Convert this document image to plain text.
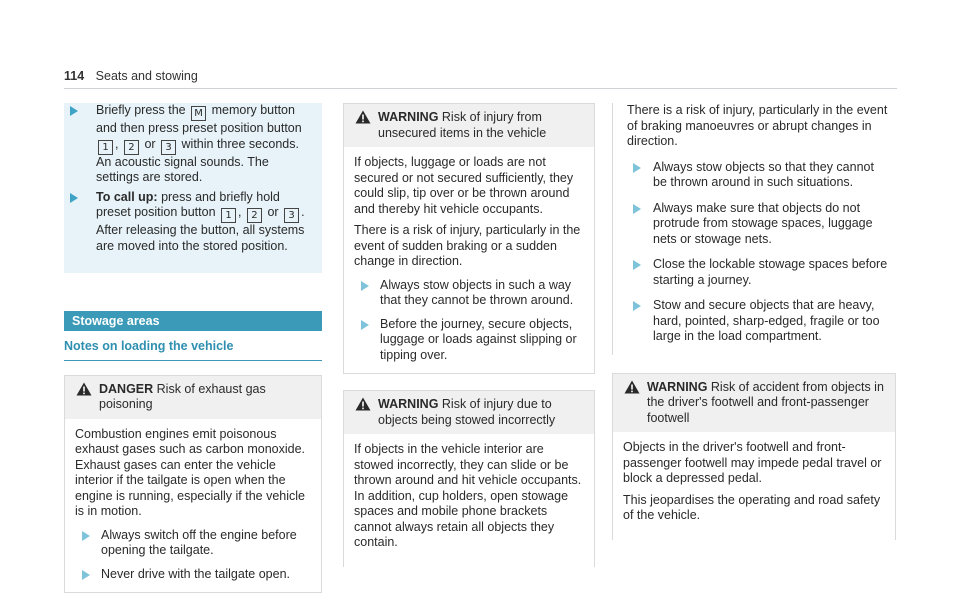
114 Seats and stowing
Briefly press the M memory button and then press preset position button 1 , 2 or 3 within three seconds.
An acoustic signal sounds. The settings are stored.
To call up: press and briefly hold preset position button 1 , 2 or 3 .
After releasing the button, all systems are moved into the stored position.
Stowage areas
Notes on loading the vehicle
DANGER Risk of exhaust gas poisoning

Combustion engines emit poisonous exhaust gases such as carbon monoxide. Exhaust gases can enter the vehicle interior if the tailgate is open when the engine is running, especially if the vehicle is in motion.

Always switch off the engine before opening the tailgate.
Never drive with the tailgate open.
WARNING Risk of injury from unsecured items in the vehicle

If objects, luggage or loads are not secured or not secured sufficiently, they could slip, tip over or be thrown around and thereby hit vehicle occupants.

There is a risk of injury, particularly in the event of sudden braking or a sudden change in direction.

Always stow objects in such a way that they cannot be thrown around.
Before the journey, secure objects, luggage or loads against slipping or tipping over.
WARNING Risk of injury due to objects being stowed incorrectly

If objects in the vehicle interior are stowed incorrectly, they can slide or be thrown around and hit vehicle occupants. In addition, cup holders, open stowage spaces and mobile phone brackets cannot always retain all objects they contain.

There is a risk of injury, particularly in the event of braking manoeuvres or abrupt changes in direction.

Always stow objects so that they cannot be thrown around in such situations.
Always make sure that objects do not protrude from stowage spaces, luggage nets or stowage nets.
Close the lockable stowage spaces before starting a journey.
Stow and secure objects that are heavy, hard, pointed, sharp-edged, fragile or too large in the load compartment.
WARNING Risk of accident from objects in the driver's footwell and front-passenger footwell

Objects in the driver's footwell and front-passenger footwell may impede pedal travel or block a depressed pedal.

This jeopardises the operating and road safety of the vehicle.
